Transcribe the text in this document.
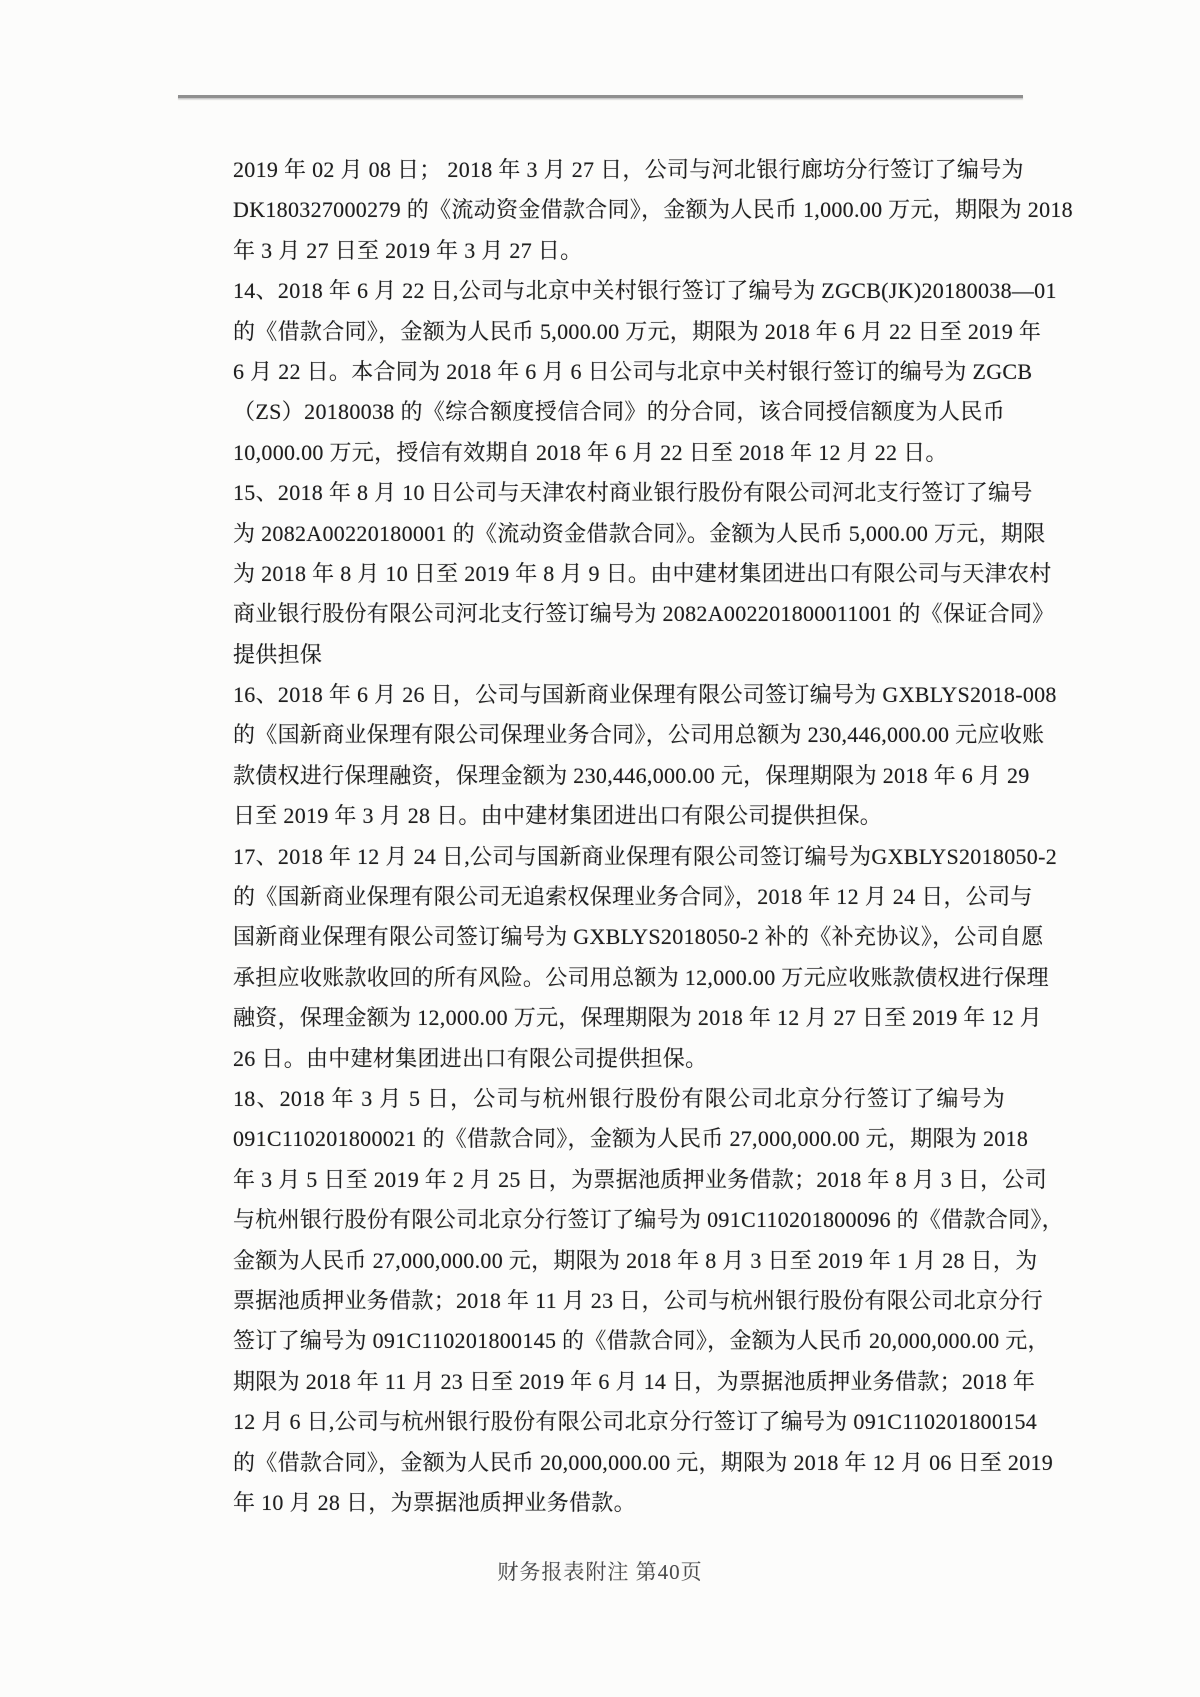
2019 年 02 月 08 日； 2018 年 3 月 27 日，公司与河北银行廊坊分行签订了编号为
DK180327000279 的《流动资金借款合同》，金额为人民币 1,000.00 万元，期限为 2018
年 3 月 27 日至 2019 年 3 月 27 日。
14、2018 年 6 月 22 日,公司与北京中关村银行签订了编号为 ZGCB(JK)20180038—01
的《借款合同》，金额为人民币 5,000.00 万元，期限为 2018 年 6 月 22 日至 2019 年
6 月 22 日。本合同为 2018 年 6 月 6 日公司与北京中关村银行签订的编号为 ZGCB
（ZS）20180038 的《综合额度授信合同》的分合同，该合同授信额度为人民币
10,000.00 万元，授信有效期自 2018 年 6 月 22 日至 2018 年 12 月 22 日。
15、2018 年 8 月 10 日公司与天津农村商业银行股份有限公司河北支行签订了编号
为 2082A00220180001 的《流动资金借款合同》。金额为人民币 5,000.00 万元，期限
为 2018 年 8 月 10 日至 2019 年 8 月 9 日。由中建材集团进出口有限公司与天津农村
商业银行股份有限公司河北支行签订编号为 2082A002201800011001 的《保证合同》
提供担保
16、2018 年 6 月 26 日，公司与国新商业保理有限公司签订编号为 GXBLYS2018-008
的《国新商业保理有限公司保理业务合同》，公司用总额为 230,446,000.00 元应收账
款债权进行保理融资，保理金额为 230,446,000.00 元，保理期限为 2018 年 6 月 29
日至 2019 年 3 月 28 日。由中建材集团进出口有限公司提供担保。
17、2018 年 12 月 24 日,公司与国新商业保理有限公司签订编号为GXBLYS2018050-2
的《国新商业保理有限公司无追索权保理业务合同》，2018 年 12 月 24 日，公司与
国新商业保理有限公司签订编号为 GXBLYS2018050-2 补的《补充协议》，公司自愿
承担应收账款收回的所有风险。公司用总额为 12,000.00 万元应收账款债权进行保理
融资，保理金额为 12,000.00 万元，保理期限为 2018 年 12 月 27 日至 2019 年 12 月
26 日。由中建材集团进出口有限公司提供担保。
18、2018 年 3 月 5 日，公司与杭州银行股份有限公司北京分行签订了编号为
091C110201800021 的《借款合同》，金额为人民币 27,000,000.00 元，期限为 2018
年 3 月 5 日至 2019 年 2 月 25 日，为票据池质押业务借款；2018 年 8 月 3 日，公司
与杭州银行股份有限公司北京分行签订了编号为 091C110201800096 的《借款合同》，
金额为人民币 27,000,000.00 元，期限为 2018 年 8 月 3 日至 2019 年 1 月 28 日，为
票据池质押业务借款；2018 年 11 月 23 日，公司与杭州银行股份有限公司北京分行
签订了编号为 091C110201800145 的《借款合同》，金额为人民币 20,000,000.00 元，
期限为 2018 年 11 月 23 日至 2019 年 6 月 14 日，为票据池质押业务借款；2018 年
12 月 6 日,公司与杭州银行股份有限公司北京分行签订了编号为 091C110201800154
的《借款合同》，金额为人民币 20,000,000.00 元，期限为 2018 年 12 月 06 日至 2019
年 10 月 28 日，为票据池质押业务借款。
财务报表附注 第40页
